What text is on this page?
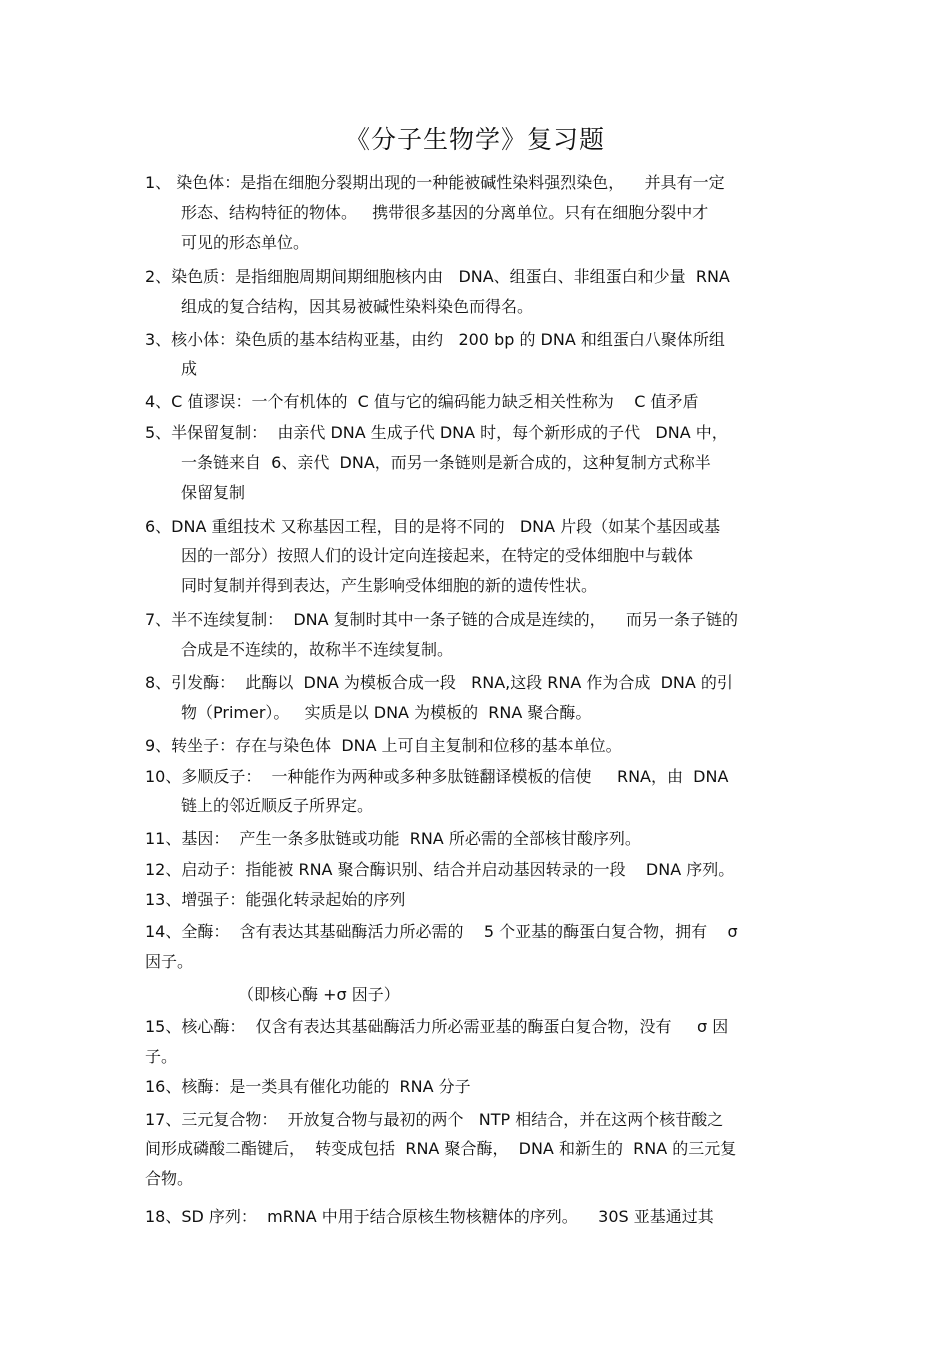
《分子生物学》复习题
1、 染色体：是指在细胞分裂期出现的一种能被碱性染料强烈染色，    并具有一定
形态、结构特征的物体。   携带很多基因的分离单位。只有在细胞分裂中才
可见的形态单位。
2、染色质：是指细胞周期间期细胞核内由   DNA、组蛋白、非组蛋白和少量  RNA
组成的复合结构，因其易被碱性染料染色而得名。
3、核小体：染色质的基本结构亚基，由约   200 bp 的 DNA 和组蛋白八聚体所组
成
4、C 值谬误：一个有机体的  C 值与它的编码能力缺乏相关性称为    C 值矛盾
5、半保留复制：  由亲代 DNA 生成子代 DNA 时，每个新形成的子代   DNA 中，
一条链来自  6、亲代  DNA，而另一条链则是新合成的，这种复制方式称半
保留复制
6、DNA 重组技术 又称基因工程，目的是将不同的   DNA 片段（如某个基因或基
因的一部分）按照人们的设计定向连接起来，在特定的受体细胞中与载体
同时复制并得到表达，产生影响受体细胞的新的遗传性状。
7、半不连续复制：  DNA 复制时其中一条子链的合成是连续的，    而另一条子链的
合成是不连续的，故称半不连续复制。
8、引发酶：  此酶以  DNA 为模板合成一段   RNA,这段 RNA 作为合成  DNA 的引
物（Primer）。   实质是以 DNA 为模板的  RNA 聚合酶。
9、转坐子：存在与染色体  DNA 上可自主复制和位移的基本单位。
10、多顺反子：  一种能作为两种或多种多肽链翻译模板的信使     RNA，由  DNA
链上的邻近顺反子所界定。
11、基因：  产生一条多肽链或功能  RNA 所必需的全部核甘酸序列。
12、启动子：指能被 RNA 聚合酶识别、结合并启动基因转录的一段    DNA 序列。
13、增强子：能强化转录起始的序列
14、全酶：  含有表达其基础酶活力所必需的    5 个亚基的酶蛋白复合物，拥有    σ
因子。
（即核心酶 +σ 因子）
15、核心酶：  仅含有表达其基础酶活力所必需亚基的酶蛋白复合物，没有     σ 因
子。
16、核酶：是一类具有催化功能的  RNA 分子
17、三元复合物：  开放复合物与最初的两个   NTP 相结合，并在这两个核苷酸之
间形成磷酸二酯键后，  转变成包括  RNA 聚合酶，  DNA 和新生的  RNA 的三元复
合物。
18、SD 序列：  mRNA 中用于结合原核生物核糖体的序列。    30S 亚基通过其
